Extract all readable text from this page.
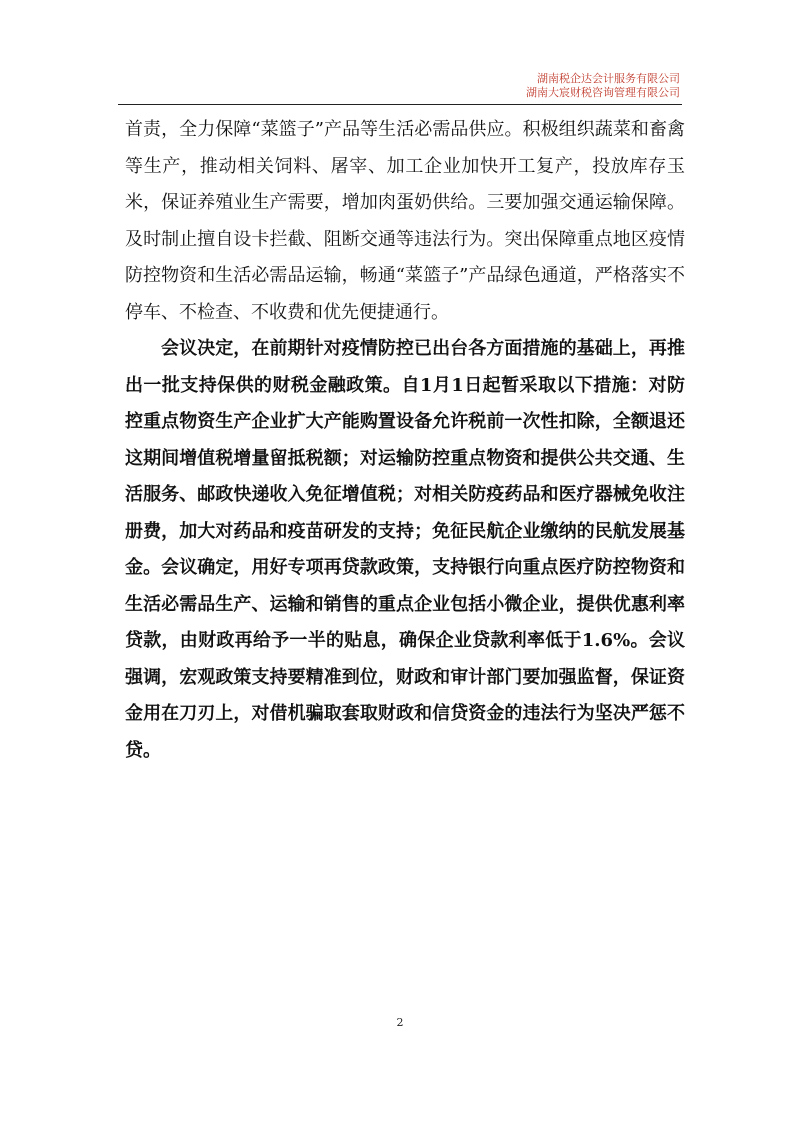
湖南税企达会计服务有限公司
湖南大宸财税咨询管理有限公司

首责，全力保障“菜篮子”产品等生活必需品供应。积极组织蔬菜和畜禽等生产，推动相关饲料、屠宰、加工企业加快开工复产，投放库存玉米，保证养殖业生产需要，增加肉蛋奶供给。三要加强交通运输保障。及时制止擅自设卡拦截、阻断交通等违法行为。突出保障重点地区疫情防控物资和生活必需品运输，畅通“菜篮子”产品绿色通道，严格落实不停车、不检查、不收费和优先便捷通行。

会议决定，在前期针对疫情防控已出台各方面措施的基础上，再推出一批支持保供的财税金融政策。自1月1日起暂采取以下措施：对防控重点物资生产企业扩大产能购置设备允许税前一次性扣除，全额退还这期间增值税增量留抵税额；对运输防控重点物资和提供公共交通、生活服务、邮政快递收入免征增值税；对相关防疫药品和医疗器械免收注册费，加大对药品和疫苗研发的支持；免征民航企业缴纳的民航发展基金。会议确定，用好专项再贷款政策，支持银行向重点医疗防控物资和生活必需品生产、运输和销售的重点企业包括小微企业，提供优惠利率贷款，由财政再给予一半的贴息，确保企业贷款利率低于1.6%。会议强调，宏观政策支持要精准到位，财政和审计部门要加强监督，保证资金用在刀刃上，对借机骗取套取财政和信贷资金的违法行为坚决严惩不贷。

2
